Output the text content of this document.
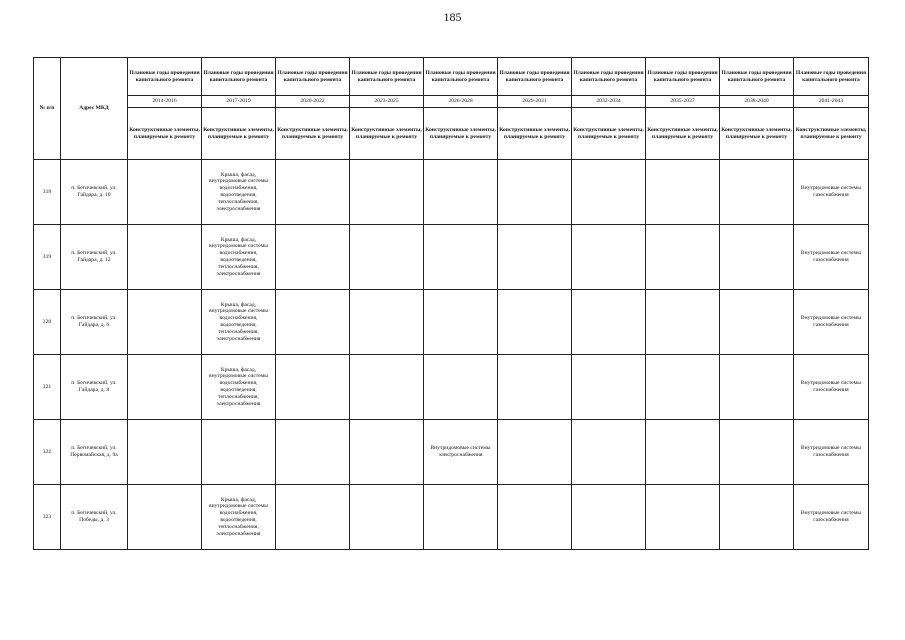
185
№ п/п	Адрес МКД	Плановые годы проведения капитального ремонта	Плановые годы проведения капитального ремонта	Плановые годы проведения капитального ремонта	Плановые годы проведения капитального ремонта	Плановые годы проведения капитального ремонта	Плановые годы проведения капитального ремонта	Плановые годы проведения капитального ремонта	Плановые годы проведения капитального ремонта	Плановые годы проведения капитального ремонта	Плановые годы проведения капитального ремонта
		2014-2016	2017-2019	2020-2022	2023-2025	2026-2028	2029-2031	2032-2034	2035-2037	2038-2040	2041-2043
		Конструктивные элементы, планируемые к ремонту	Конструктивные элементы, планируемые к ремонту	Конструктивные элементы, планируемые к ремонту	Конструктивные элементы, планируемые к ремонту	Конструктивные элементы, планируемые к ремонту	Конструктивные элементы, планируемые к ремонту	Конструктивные элементы, планируемые к ремонту	Конструктивные элементы, планируемые к ремонту	Конструктивные элементы, планируемые к ремонту	Конструктивные элементы, планируемые к ремонту
318	п. Бегичевский, ул. Гайдара, д. 10		Крыша, фасад, внутридомовые системы водоснабжения, водоотведения, теплоснабжения, электроснабжения								Внутридомовые системы газоснабжения
319	п. Бегичевский, ул. Гайдара, д. 12		Крыша, фасад, внутридомовые системы водоснабжения, водоотведения, теплоснабжения, электроснабжения								Внутридомовые системы газоснабжения
320	п. Бегичевский, ул. Гайдара, д. 6		Крыша, фасад, внутридомовые системы водоснабжения, водоотведения, теплоснабжения, электроснабжения								Внутридомовые системы газоснабжения
321	п. Бегичевский, ул. Гайдара, д. 8		Крыша, фасад, внутридомовые системы водоснабжения, водоотведения, теплоснабжения, электроснабжения								Внутридомовые системы газоснабжения
322	п. Бегичевский, ул. Первомайская, д. 9а					Внутридомовые системы электроснабжения					Внутридомовые системы газоснабжения
323	п. Бегичевский, ул. Победы, д. 3		Крыша, фасад, внутридомовые системы водоснабжения, водоотведения, теплоснабжения, электроснабжения								Внутридомовые системы газоснабжения
